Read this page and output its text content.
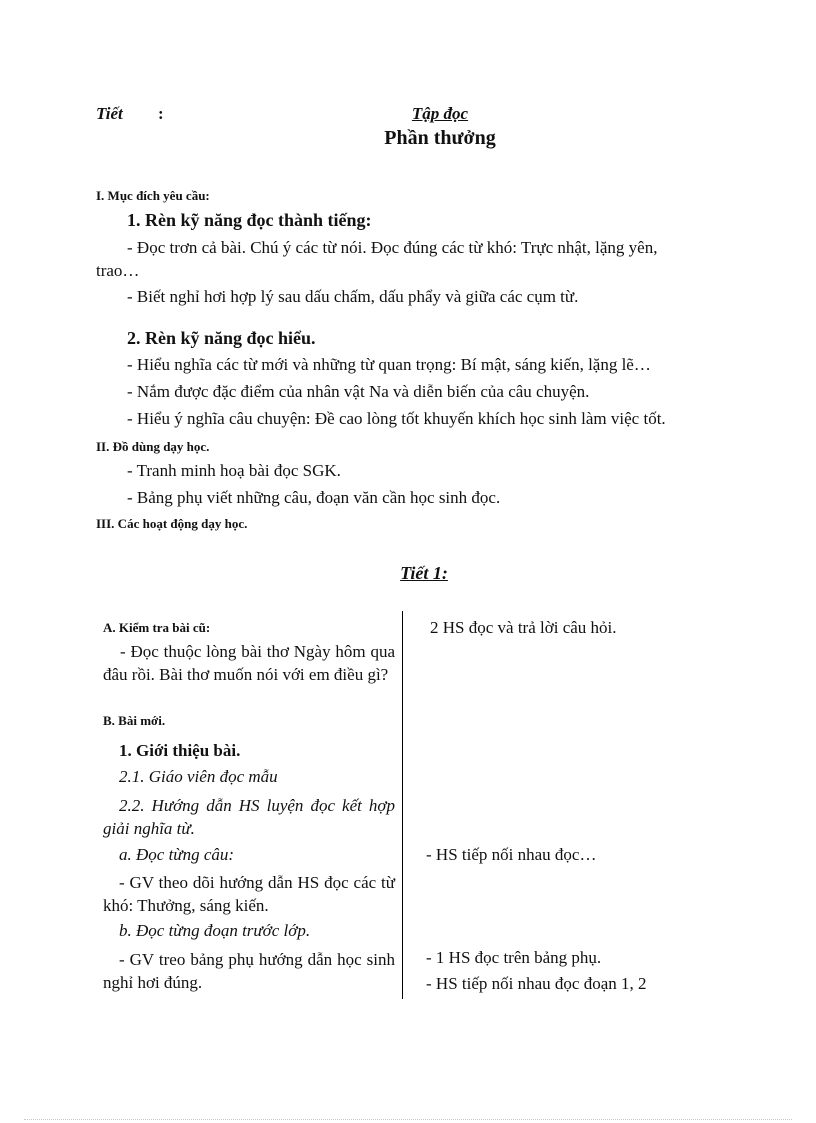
Tiết :	Tập đọc
Phần thưởng
I. Mục đích yêu cầu:
1. Rèn kỹ năng đọc thành tiếng:
- Đọc trơn cả bài. Chú ý các từ nói. Đọc đúng các từ khó: Trực nhật, lặng yên,
trao…
- Biết nghỉ hơi hợp lý sau dấu chấm, dấu phẩy và giữa các cụm từ.
2. Rèn kỹ năng đọc hiểu.
- Hiểu nghĩa các từ mới và những từ quan trọng: Bí mật, sáng kiến, lặng lẽ…
- Nắm được đặc điểm của nhân vật Na và diễn biến của câu chuyện.
- Hiểu ý nghĩa câu chuyện: Đề cao lòng tốt khuyến khích học sinh làm việc tốt.
II. Đồ dùng dạy học.
- Tranh minh hoạ bài đọc SGK.
- Bảng phụ viết những câu, đoạn văn cần học sinh đọc.
III. Các hoạt động dạy học.
Tiết 1:
A. Kiểm tra bài cũ:
- Đọc thuộc lòng bài thơ Ngày hôm qua đâu rồi. Bài thơ muốn nói với em điều gì?
B. Bài mới.
1. Giới thiệu bài.
2.1. Giáo viên đọc mẫu
2.2. Hướng dẫn HS luyện đọc kết hợp giải nghĩa từ.
a. Đọc từng câu:
- GV theo dõi hướng dẫn HS đọc các từ khó: Thưởng, sáng kiến.
b. Đọc từng đoạn trước lớp.
- GV treo bảng phụ hướng dẫn học sinh nghỉ hơi đúng.
2 HS đọc và trả lời câu hỏi.
- HS tiếp nối nhau đọc…
- 1 HS đọc trên bảng phụ.
- HS tiếp nối nhau đọc đoạn 1, 2
